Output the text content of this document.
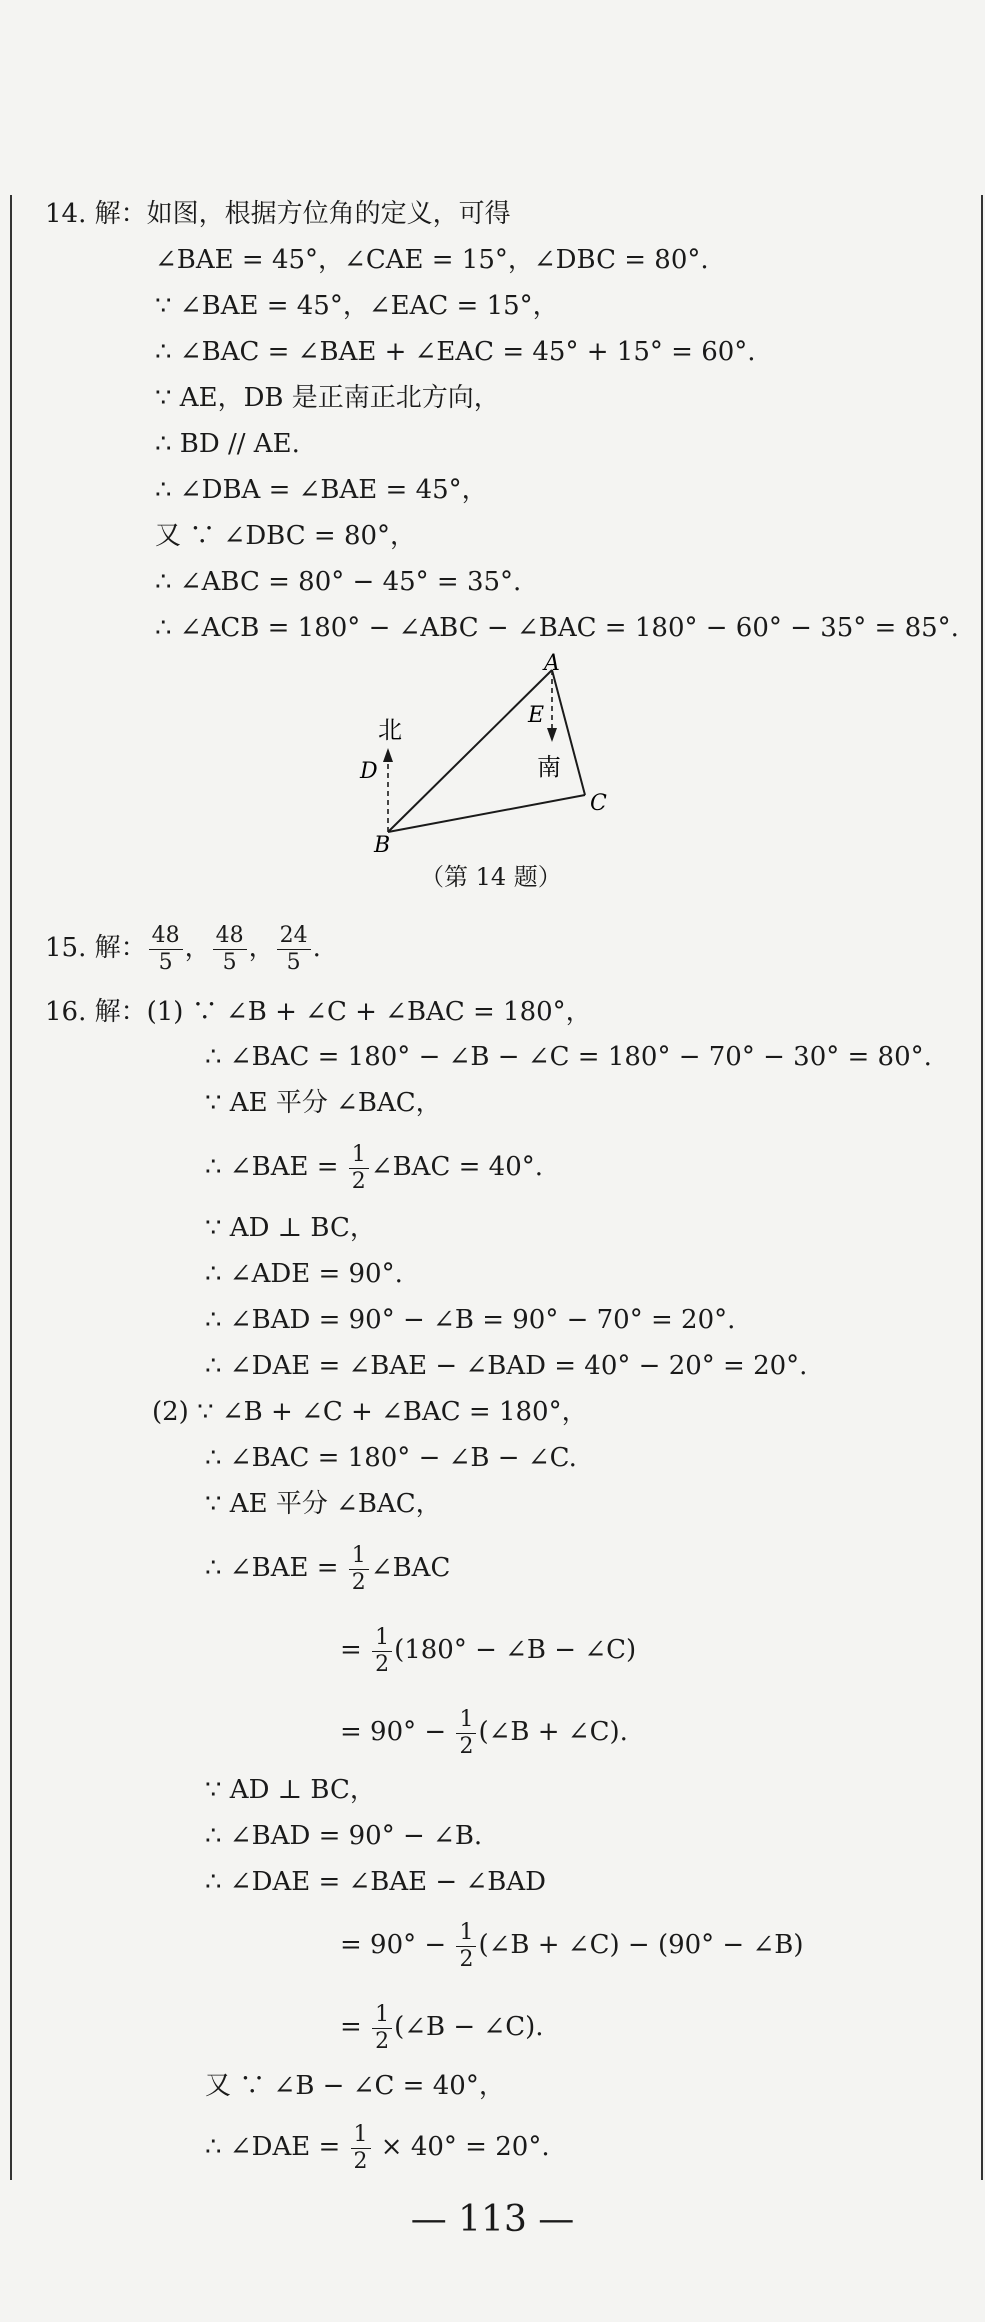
14. 解：如图，根据方位角的定义，可得
∠BAE = 45°，∠CAE = 15°，∠DBC = 80°.
∵ ∠BAE = 45°，∠EAC = 15°，
∴ ∠BAC = ∠BAE + ∠EAC = 45° + 15° = 60°.
∵ AE，DB 是正南正北方向，
∴ BD // AE.
∴ ∠DBA = ∠BAE = 45°，
又 ∵ ∠DBC = 80°，
∴ ∠ABC = 80° − 45° = 35°.
∴ ∠ACB = 180° − ∠ABC − ∠BAC = 180° − 60° − 35° = 85°.
A
E
南
北
D
C
B
（第 14 题）
15. 解： $\frac{48}{5}$ ， $\frac{48}{5}$ ， $\frac{24}{5}$ .
16. 解：(1) ∵ ∠B + ∠C + ∠BAC = 180°，
∴ ∠BAC = 180° − ∠B − ∠C = 180° − 70° − 30° = 80°.
∵ AE 平分 ∠BAC，
∴ ∠BAE = $\frac{1}{2}$ ∠BAC = 40°.
∵ AD ⊥ BC，
∴ ∠ADE = 90°.
∴ ∠BAD = 90° − ∠B = 90° − 70° = 20°.
∴ ∠DAE = ∠BAE − ∠BAD = 40° − 20° = 20°.
(2) ∵ ∠B + ∠C + ∠BAC = 180°，
∴ ∠BAC = 180° − ∠B − ∠C.
∵ AE 平分 ∠BAC，
∴ ∠BAE = $\frac{1}{2}$ ∠BAC
= $\frac{1}{2} (180^\circ$ − ∠B − ∠C)
= $90^\circ - \frac{1}{2}$ (∠B + ∠C).
∵ AD ⊥ BC，
∴ ∠BAD = 90° − ∠B.
∴ ∠DAE = ∠BAE − ∠BAD
= $90^\circ - \frac{1}{2}$ (∠B + ∠C) − (90° − ∠B)
= $\frac{1}{2}$ (∠B − ∠C).
又 ∵ ∠B − ∠C = 40°，
∴ ∠DAE = $\frac{1}{2} \times 40^\circ = 20^\circ$.
— 113 —
